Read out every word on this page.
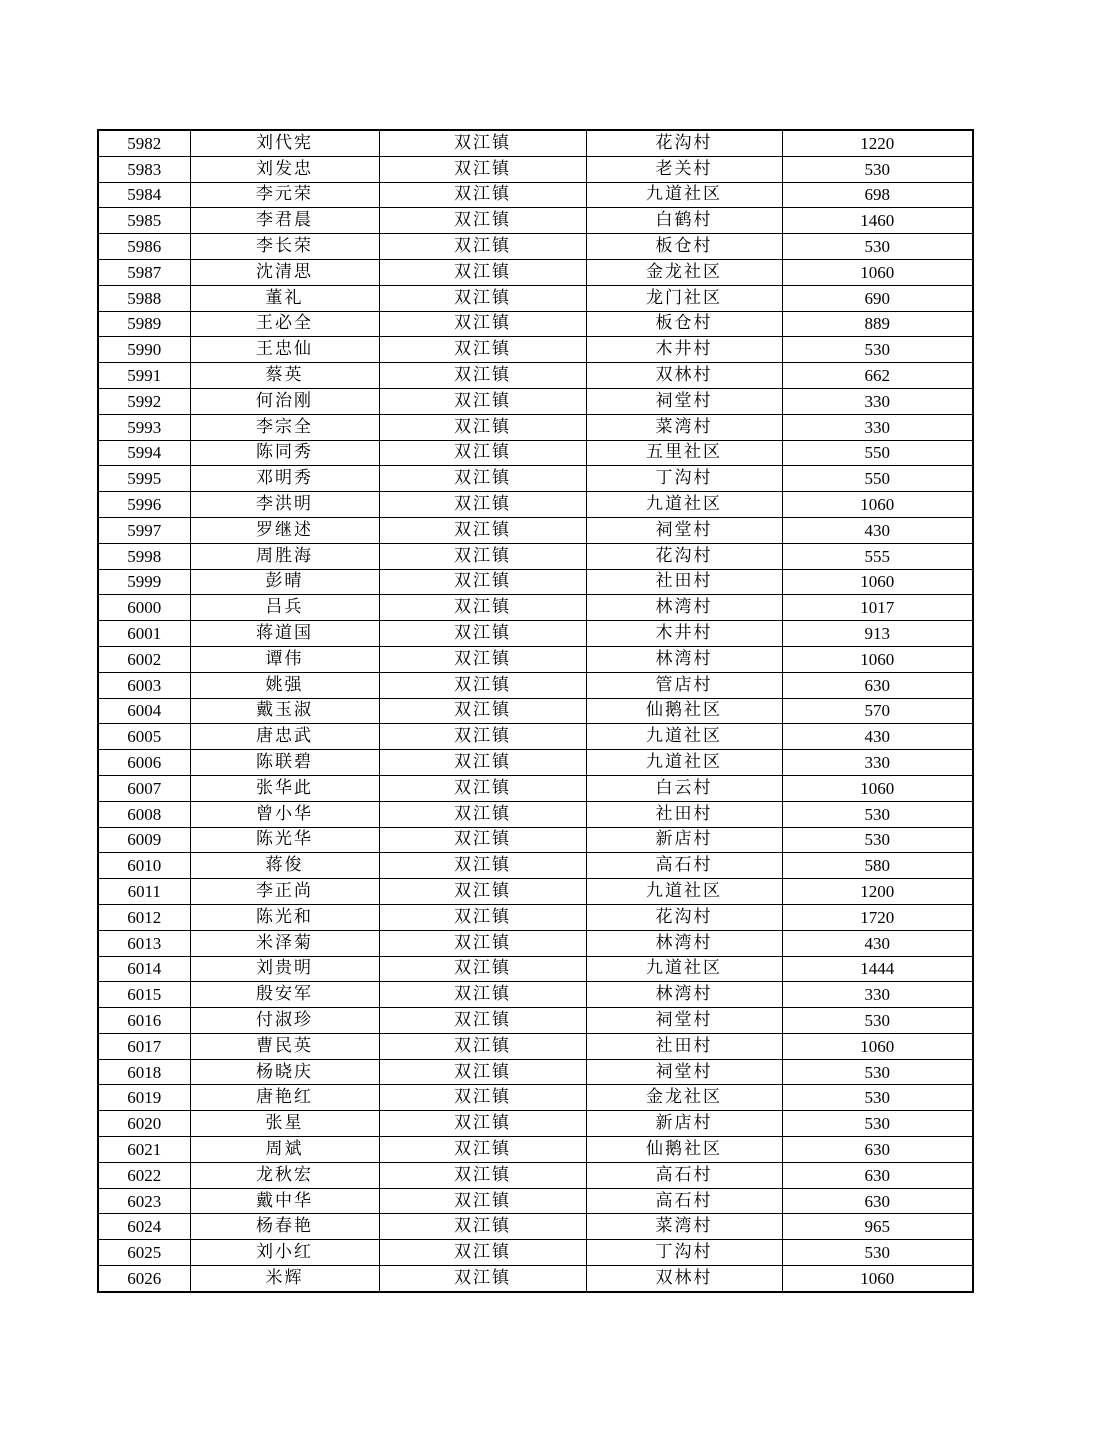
5982	刘代宪	双江镇	花沟村	1220
5983	刘发忠	双江镇	老关村	530
5984	李元荣	双江镇	九道社区	698
5985	李君晨	双江镇	白鹤村	1460
5986	李长荣	双江镇	板仓村	530
5987	沈清思	双江镇	金龙社区	1060
5988	董礼	双江镇	龙门社区	690
5989	王必全	双江镇	板仓村	889
5990	王忠仙	双江镇	木井村	530
5991	蔡英	双江镇	双林村	662
5992	何治刚	双江镇	祠堂村	330
5993	李宗全	双江镇	菜湾村	330
5994	陈同秀	双江镇	五里社区	550
5995	邓明秀	双江镇	丁沟村	550
5996	李洪明	双江镇	九道社区	1060
5997	罗继述	双江镇	祠堂村	430
5998	周胜海	双江镇	花沟村	555
5999	彭晴	双江镇	社田村	1060
6000	吕兵	双江镇	林湾村	1017
6001	蒋道国	双江镇	木井村	913
6002	谭伟	双江镇	林湾村	1060
6003	姚强	双江镇	管店村	630
6004	戴玉淑	双江镇	仙鹅社区	570
6005	唐忠武	双江镇	九道社区	430
6006	陈联碧	双江镇	九道社区	330
6007	张华此	双江镇	白云村	1060
6008	曾小华	双江镇	社田村	530
6009	陈光华	双江镇	新店村	530
6010	蒋俊	双江镇	高石村	580
6011	李正尚	双江镇	九道社区	1200
6012	陈光和	双江镇	花沟村	1720
6013	米泽菊	双江镇	林湾村	430
6014	刘贵明	双江镇	九道社区	1444
6015	殷安军	双江镇	林湾村	330
6016	付淑珍	双江镇	祠堂村	530
6017	曹民英	双江镇	社田村	1060
6018	杨晓庆	双江镇	祠堂村	530
6019	唐艳红	双江镇	金龙社区	530
6020	张星	双江镇	新店村	530
6021	周斌	双江镇	仙鹅社区	630
6022	龙秋宏	双江镇	高石村	630
6023	戴中华	双江镇	高石村	630
6024	杨春艳	双江镇	菜湾村	965
6025	刘小红	双江镇	丁沟村	530
6026	米辉	双江镇	双林村	1060
